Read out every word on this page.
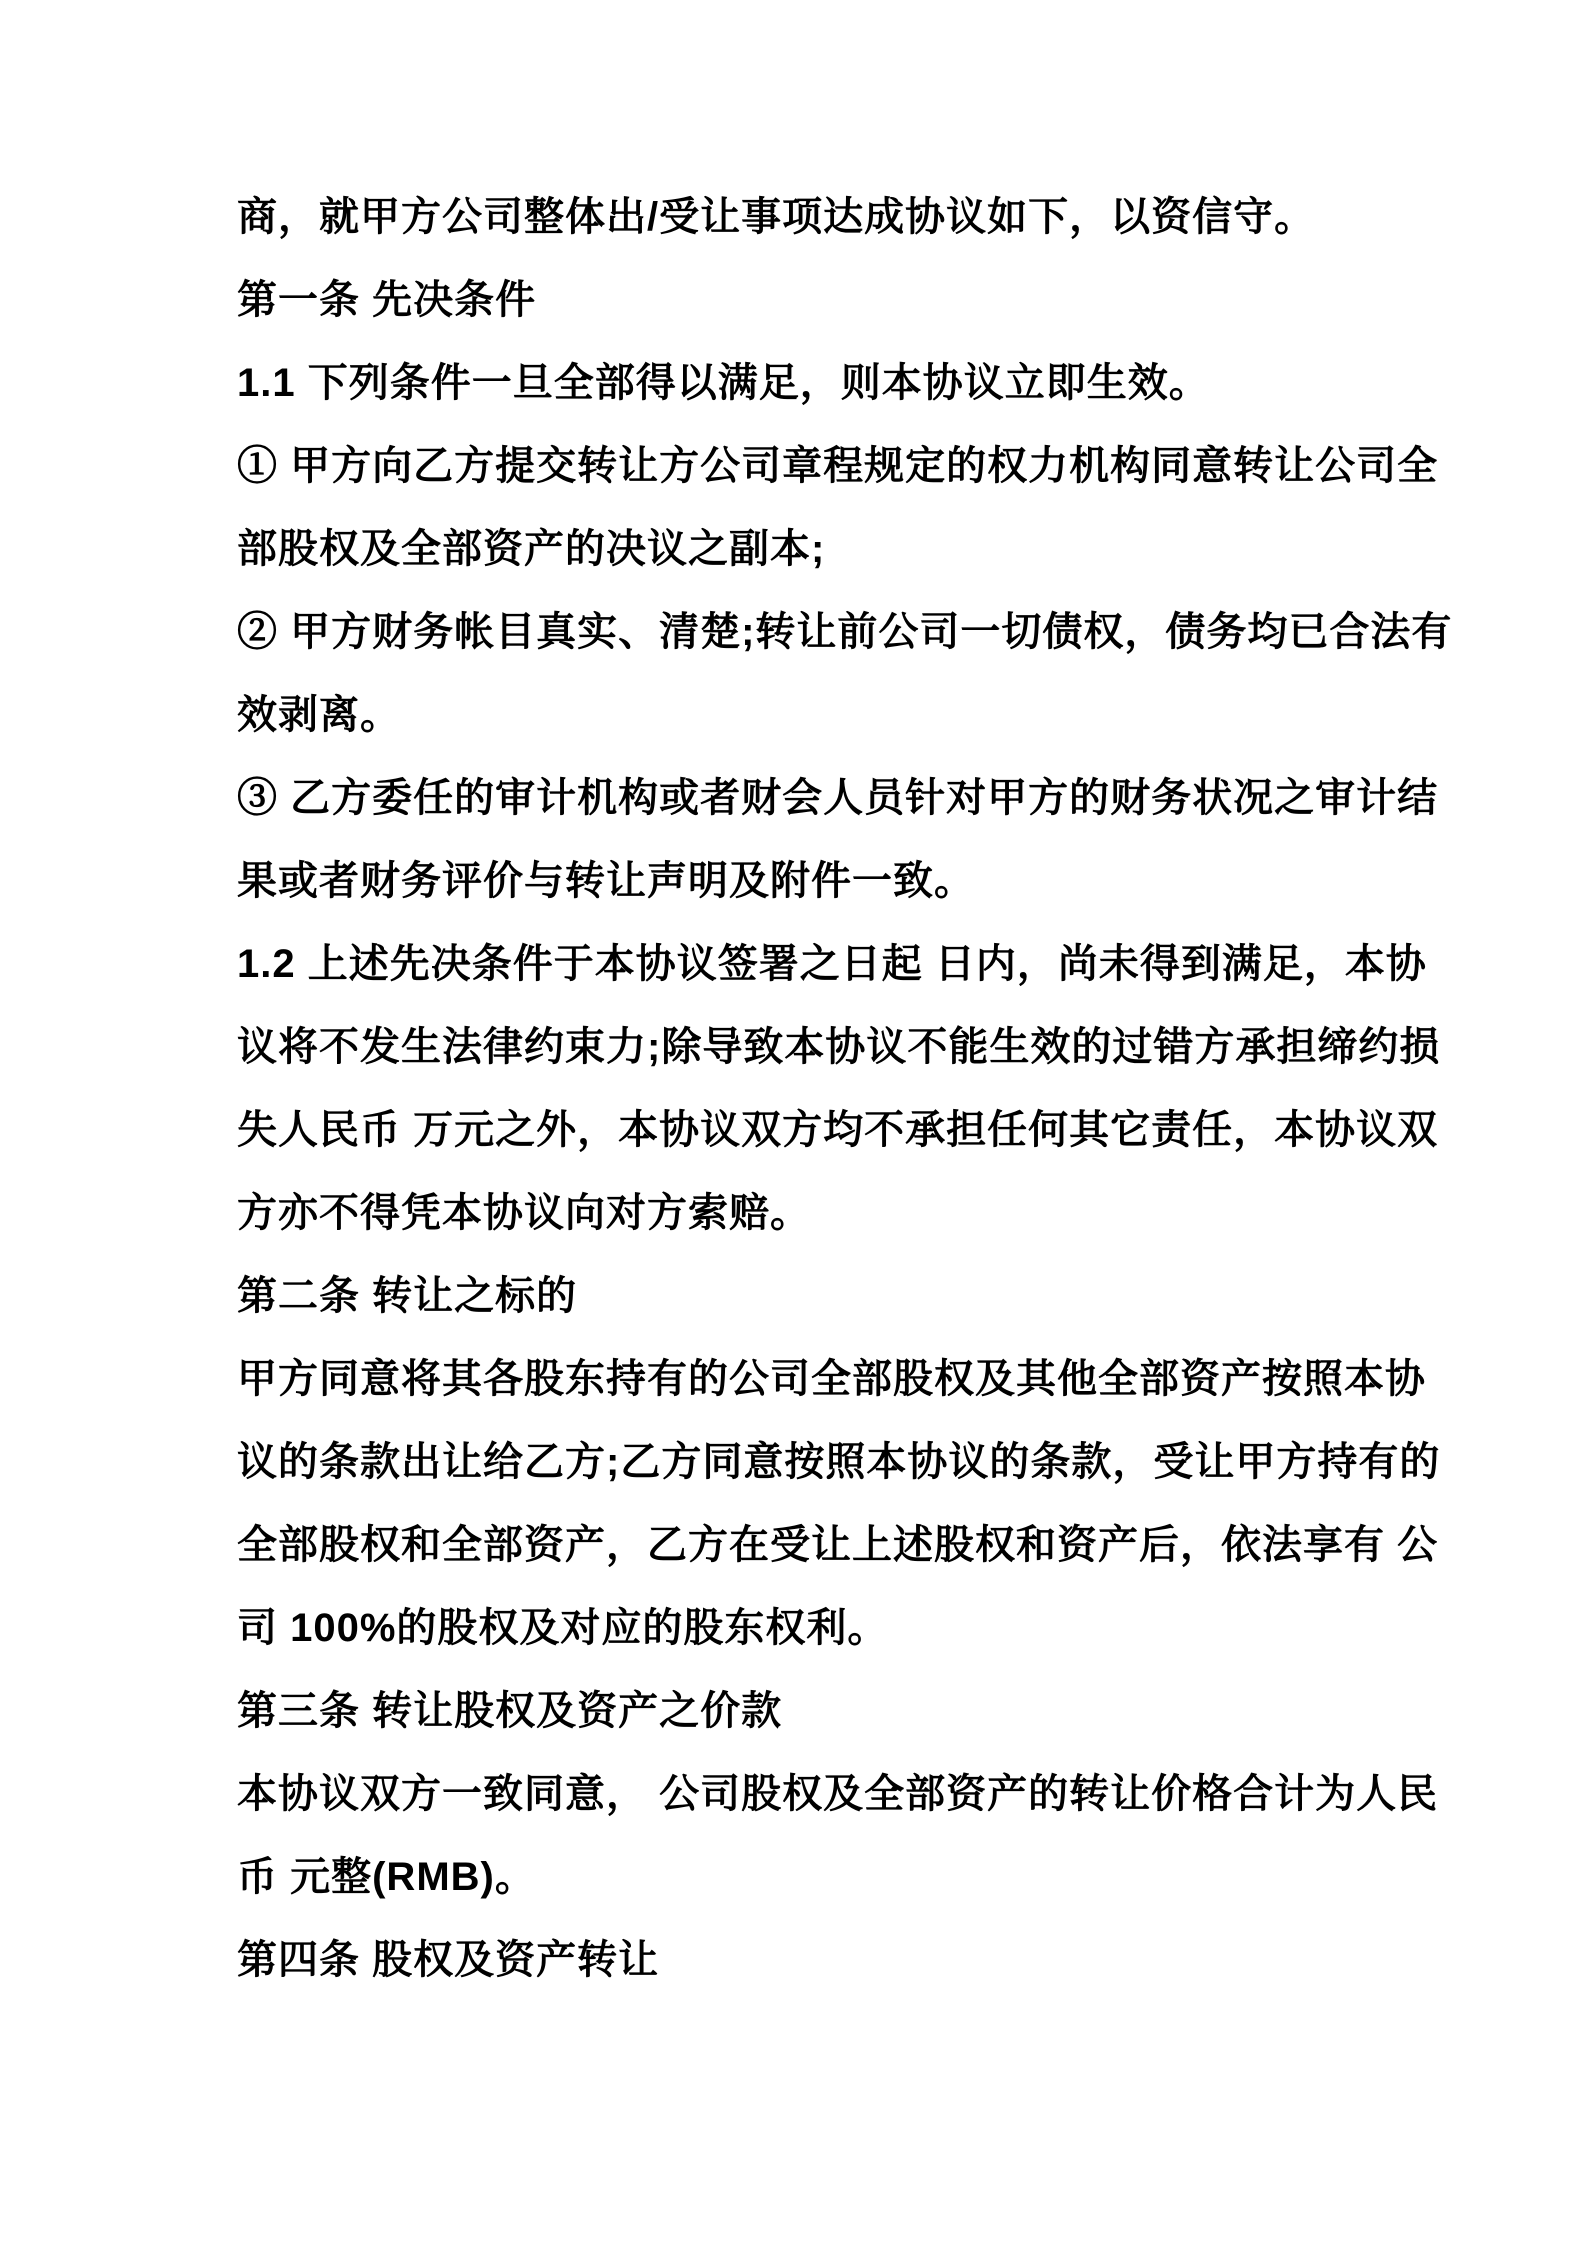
商，就甲方公司整体出/受让事项达成协议如下，以资信守。
第一条 先决条件
1.1 下列条件一旦全部得以满足，则本协议立即生效。
① 甲方向乙方提交转让方公司章程规定的权力机构同意转让公司全
部股权及全部资产的决议之副本;
② 甲方财务帐目真实、清楚;转让前公司一切债权，债务均已合法有
效剥离。
③ 乙方委任的审计机构或者财会人员针对甲方的财务状况之审计结
果或者财务评价与转让声明及附件一致。
1.2 上述先决条件于本协议签署之日起 日内，尚未得到满足，本协
议将不发生法律约束力;除导致本协议不能生效的过错方承担缔约损
失人民币 万元之外，本协议双方均不承担任何其它责任，本协议双
方亦不得凭本协议向对方索赔。
第二条 转让之标的
甲方同意将其各股东持有的公司全部股权及其他全部资产按照本协
议的条款出让给乙方;乙方同意按照本协议的条款，受让甲方持有的
全部股权和全部资产，乙方在受让上述股权和资产后，依法享有 公
司 100%的股权及对应的股东权利。
第三条 转让股权及资产之价款
本协议双方一致同意， 公司股权及全部资产的转让价格合计为人民
币 元整(RMB)。
第四条 股权及资产转让
